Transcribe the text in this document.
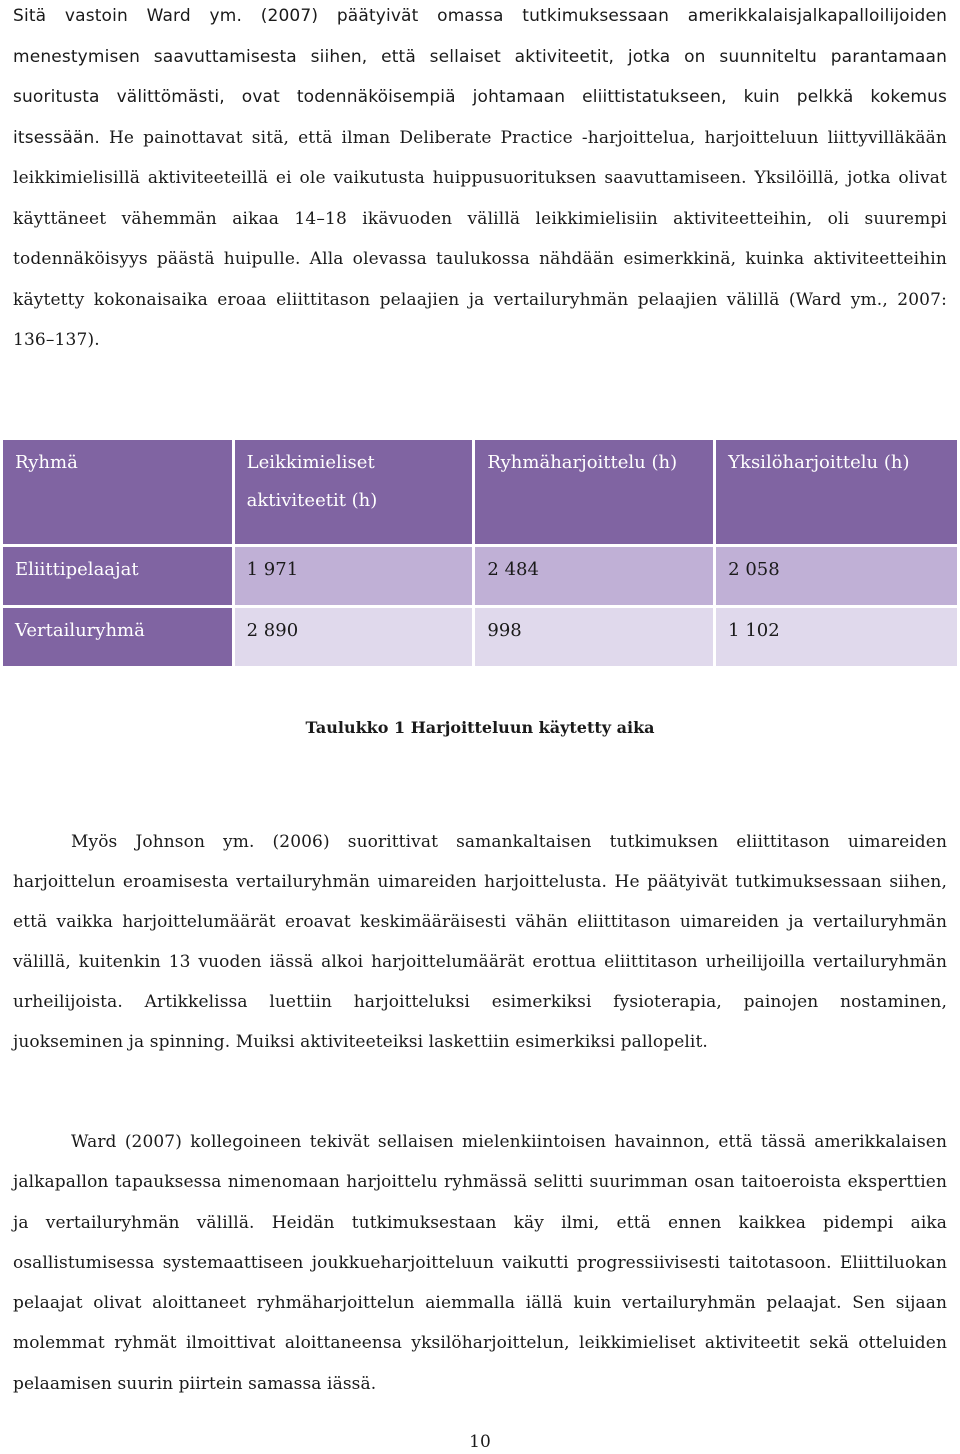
Sitä vastoin Ward ym. (2007) päätyivät omassa tutkimuksessaan amerikkalaisjalkapalloilijoiden menestymisen saavuttamisesta siihen, että sellaiset aktiviteetit, jotka on suunniteltu parantamaan suoritusta välittömästi, ovat todennäköisempiä johtamaan eliittistatukseen, kuin pelkkä kokemus itsessään. He painottavat sitä, että ilman Deliberate Practice -harjoittelua, harjoitteluun liittyvilläkään leikkimielisillä aktiviteeteillä ei ole vaikutusta huippusuorituksen saavuttamiseen. Yksilöillä, jotka olivat käyttäneet vähemmän aikaa 14–18 ikävuoden välillä leikkimielisiin aktiviteetteihin, oli suurempi todennäköisyys päästä huipulle. Alla olevassa taulukossa nähdään esimerkkinä, kuinka aktiviteetteihin käytetty kokonaisaika eroaa eliittitason pelaajien ja vertailuryhmän pelaajien välillä (Ward ym., 2007: 136–137).

Ryhmä	Leikkimieliset aktiviteetit (h)	Ryhmäharjoittelu (h)	Yksilöharjoittelu (h)
Eliittipelaajat	1 971	2 484	2 058
Vertailuryhmä	2 890	998	1 102
Taulukko 1 Harjoitteluun käytetty aika

Myös Johnson ym. (2006) suorittivat samankaltaisen tutkimuksen eliittitason uimareiden harjoittelun eroamisesta vertailuryhmän uimareiden harjoittelusta. He päätyivät tutkimuksessaan siihen, että vaikka harjoittelumäärät eroavat keskimääräisesti vähän eliittitason uimareiden ja vertailuryhmän välillä, kuitenkin 13 vuoden iässä alkoi harjoittelumäärät erottua eliittitason urheilijoilla vertailuryhmän urheilijoista. Artikkelissa luettiin harjoitteluksi esimerkiksi fysioterapia, painojen nostaminen, juokseminen ja spinning. Muiksi aktiviteeteiksi laskettiin esimerkiksi pallopelit.

Ward (2007) kollegoineen tekivät sellaisen mielenkiintoisen havainnon, että tässä amerikkalaisen jalkapallon tapauksessa nimenomaan harjoittelu ryhmässä selitti suurimman osan taitoeroista eksperttien ja vertailuryhmän välillä. Heidän tutkimuksestaan käy ilmi, että ennen kaikkea pidempi aika osallistumisessa systemaattiseen joukkueharjoitteluun vaikutti progressiivisesti taitotasoon. Eliittiluokan pelaajat olivat aloittaneet ryhmäharjoittelun aiemmalla iällä kuin vertailuryhmän pelaajat. Sen sijaan molemmat ryhmät ilmoittivat aloittaneensa yksilöharjoittelun, leikkimieliset aktiviteetit sekä otteluiden pelaamisen suurin piirtein samassa iässä.

10
